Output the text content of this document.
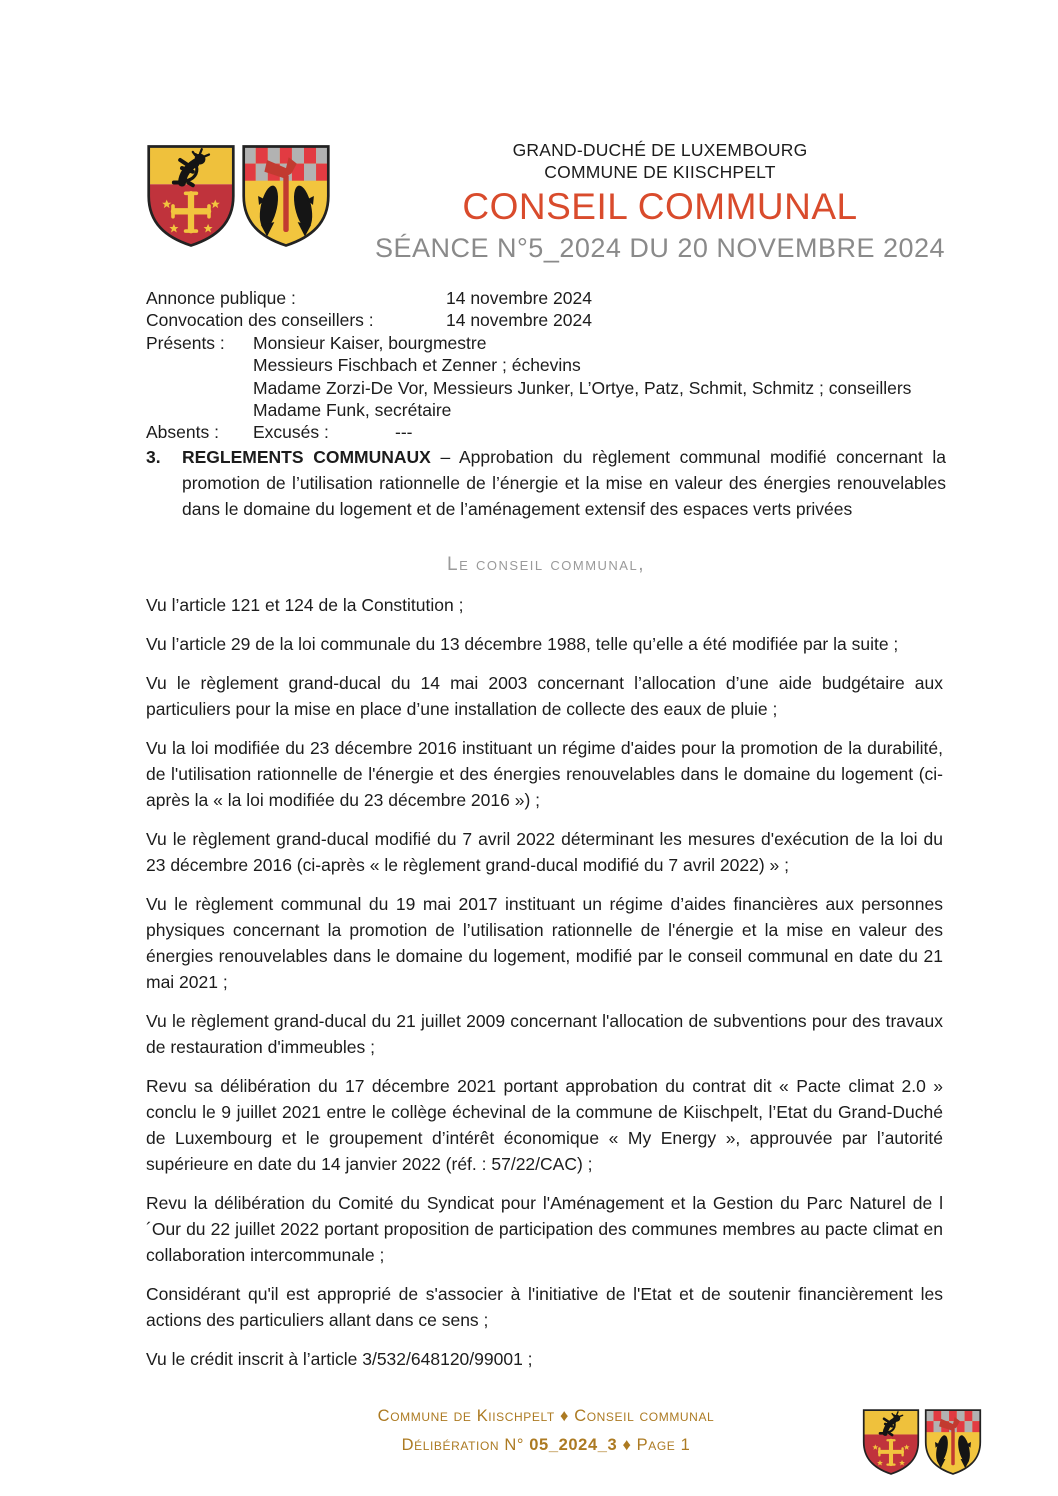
GRAND-DUCHÉ DE LUXEMBOURG
COMMUNE DE KIISCHPELT
CONSEIL COMMUNAL
SÉANCE N°5_2024 DU 20 NOVEMBRE 2024
Annonce publique :	14 novembre 2024
Convocation des conseillers :	14 novembre 2024
Présents :	Monsieur Kaiser, bourgmestre
Messieurs Fischbach et Zenner ; échevins
Madame Zorzi-De Vor, Messieurs Junker, L’Ortye, Patz, Schmit, Schmitz ; conseillers
Madame Funk, secrétaire
Absents :	Excusés :	---
3.	REGLEMENTS COMMUNAUX – Approbation du règlement communal modifié concernant la promotion de l’utilisation rationnelle de l’énergie et la mise en valeur des énergies renouvelables dans le domaine du logement et de l’aménagement extensif des espaces verts privées
Le conseil communal,

Vu l’article 121 et 124 de la Constitution ;

Vu l’article 29 de la loi communale du 13 décembre 1988, telle qu’elle a été modifiée par la suite ;

Vu le règlement grand-ducal du 14 mai 2003 concernant l’allocation d’une aide budgétaire aux particuliers pour la mise en place d’une installation de collecte des eaux de pluie ;

Vu la loi modifiée du 23 décembre 2016 instituant un régime d'aides pour la promotion de la durabilité, de l'utilisation rationnelle de l'énergie et des énergies renouvelables dans le domaine du logement (ci-après la « la loi modifiée du 23 décembre 2016 ») ;

Vu le règlement grand-ducal modifié du 7 avril 2022 déterminant les mesures d'exécution de la loi du 23 décembre 2016 (ci-après « le règlement grand-ducal modifié du 7 avril 2022) » ;

Vu le règlement communal du 19 mai 2017 instituant un régime d’aides financières aux personnes physiques concernant la promotion de l’utilisation rationnelle de l'énergie et la mise en valeur des énergies renouvelables dans le domaine du logement, modifié par le conseil communal en date du 21 mai 2021 ;

Vu le règlement grand-ducal du 21 juillet 2009 concernant l'allocation de subventions pour des travaux de restauration d'immeubles ;

Revu sa délibération du 17 décembre 2021 portant approbation du contrat dit « Pacte climat 2.0 » conclu le 9 juillet 2021 entre le collège échevinal de la commune de Kiischpelt, l’Etat du Grand-Duché de Luxembourg et le groupement d’intérêt économique « My Energy », approuvée par l’autorité supérieure en date du 14 janvier 2022 (réf. : 57/22/CAC) ;

Revu la délibération du Comité du Syndicat pour l'Aménagement et la Gestion du Parc Naturel de l´Our du 22 juillet 2022 portant proposition de participation des communes membres au pacte climat en collaboration intercommunale ;

Considérant qu'il est approprié de s'associer à l'initiative de l'Etat et de soutenir financièrement les actions des particuliers allant dans ce sens ;

Vu le crédit inscrit à l’article 3/532/648120/99001 ;

Commune de Kiischpelt ♦ Conseil communal
Délibération N° 05_2024_3 ♦ Page 1
